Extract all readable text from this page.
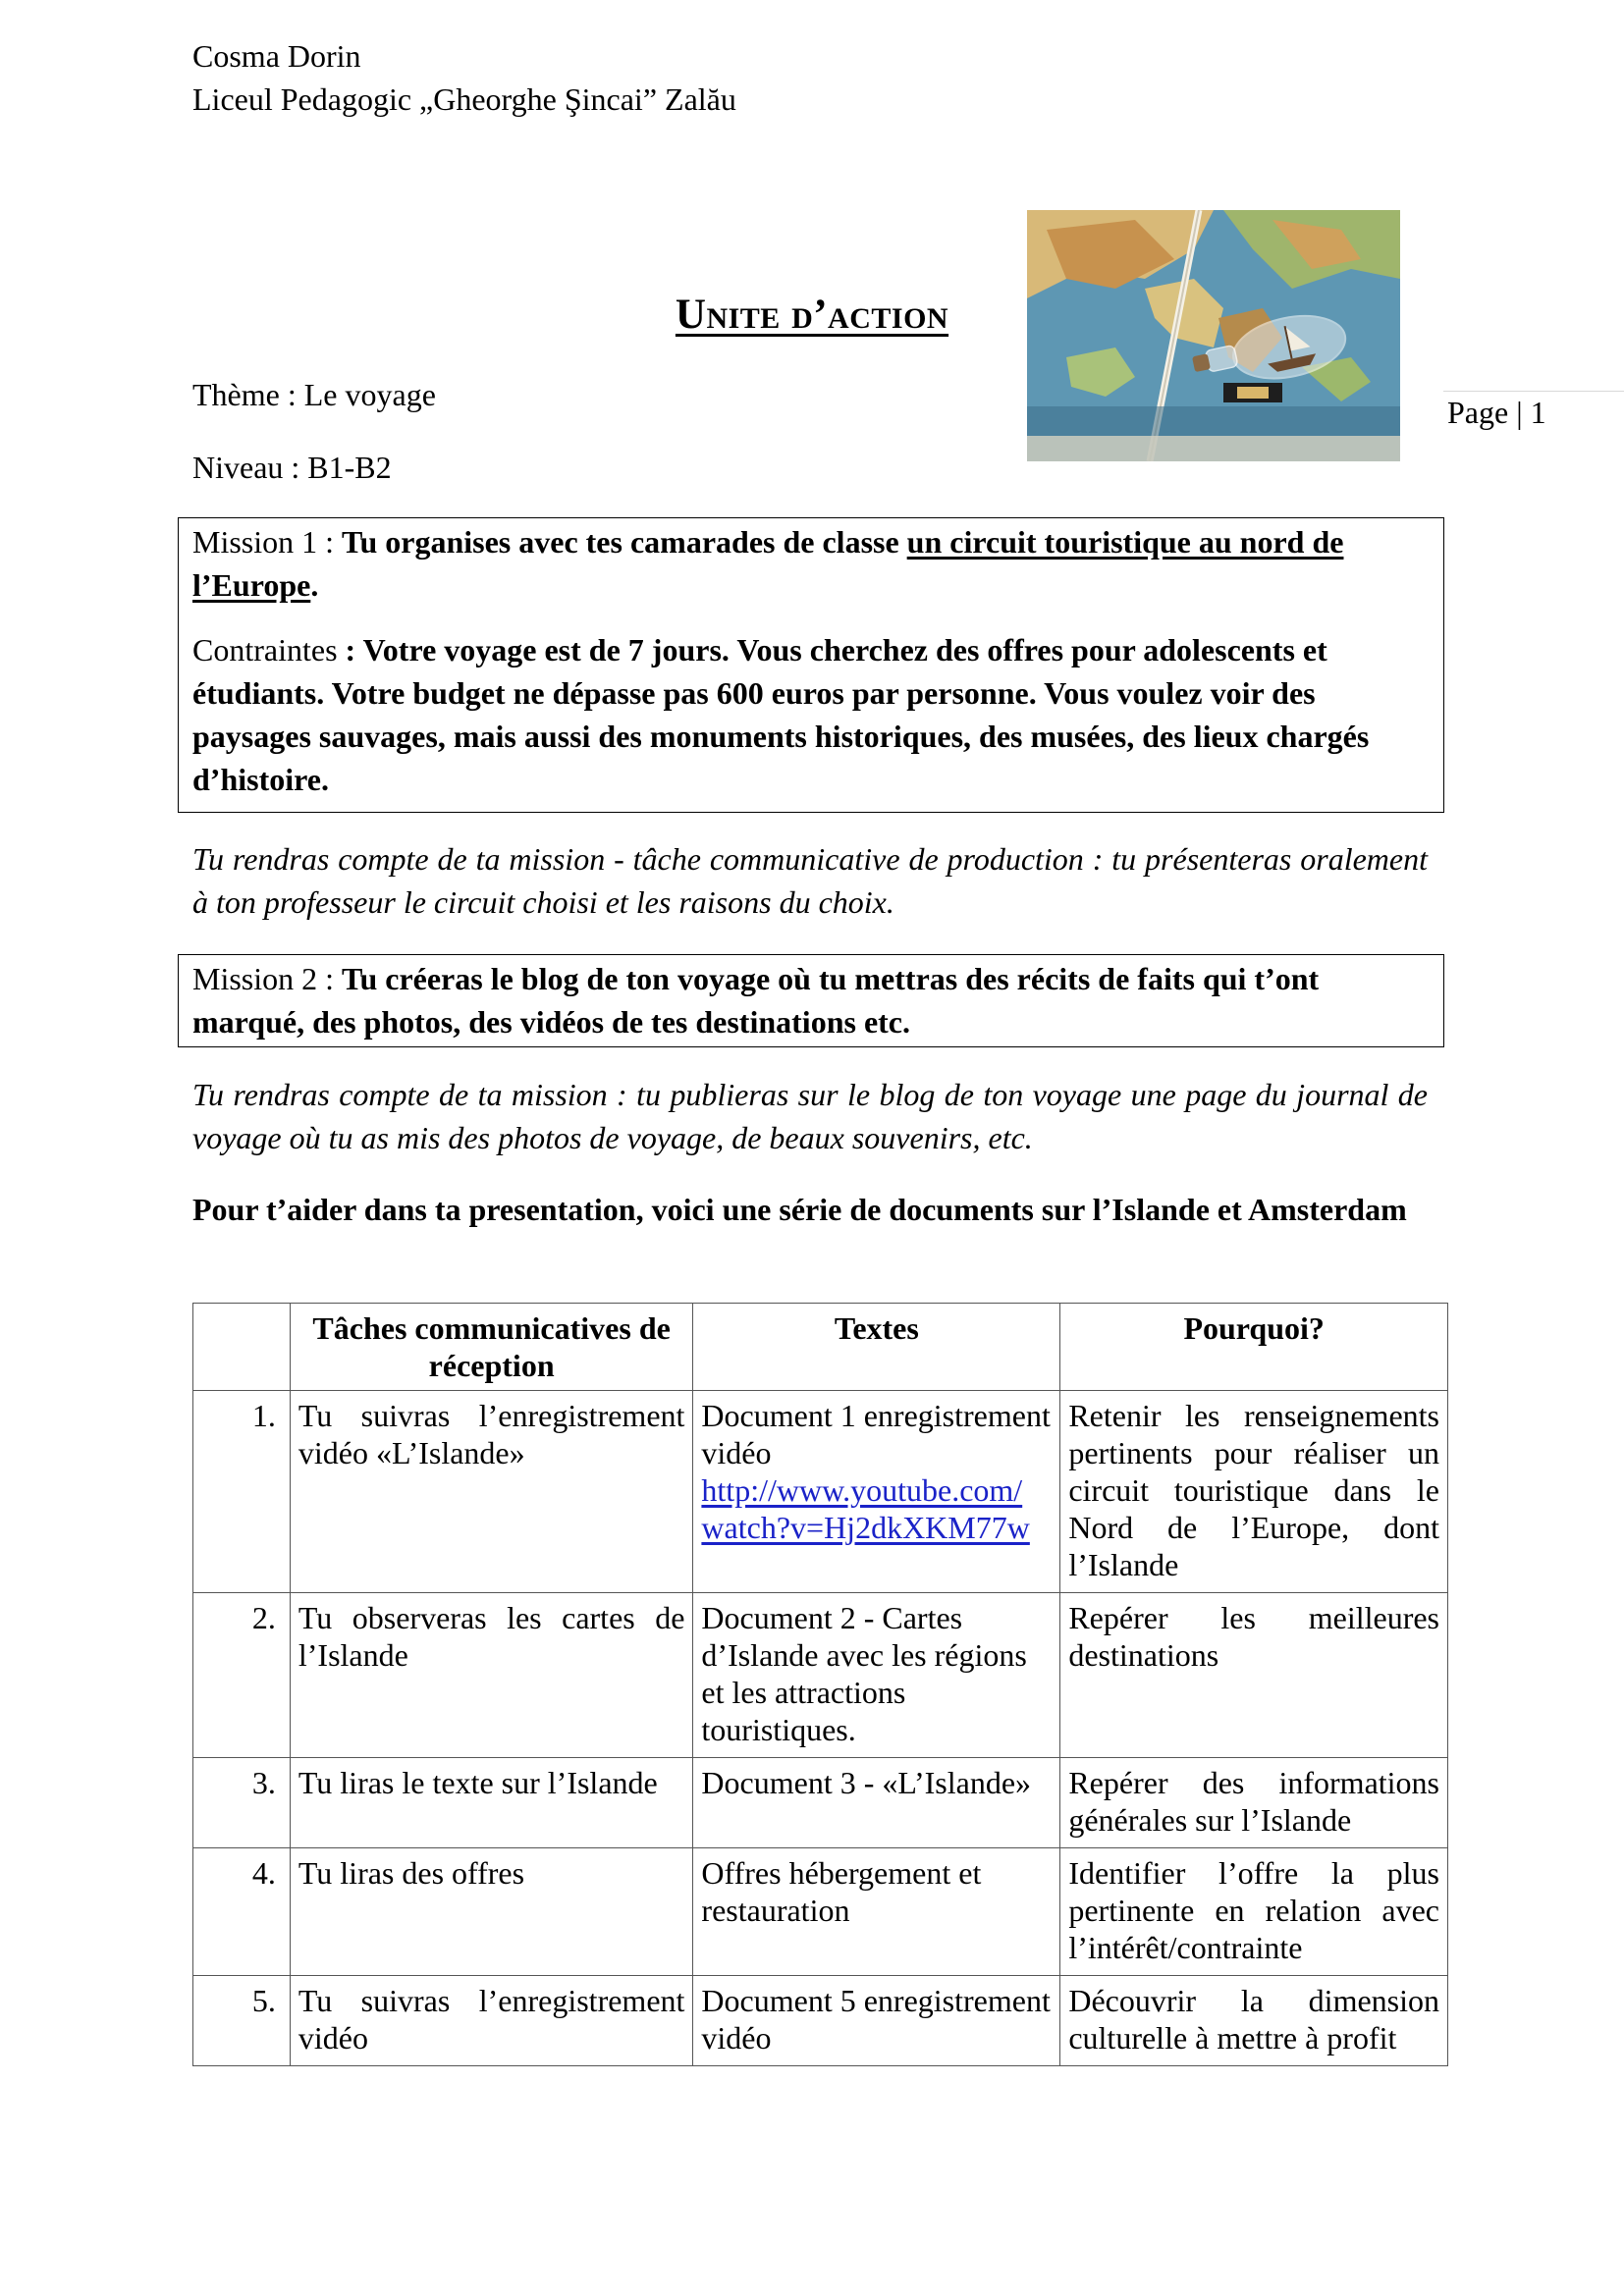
Cosma Dorin
Liceul Pedagogic „Gheorghe Şincai” Zalău
Page | 1
Unite d’action
Thème : Le voyage
Niveau : B1-B2

Mission 1 : Tu organises avec tes camarades de classe un circuit touristique au nord de l’Europe.

Contraintes : Votre voyage est de 7 jours. Vous cherchez des offres pour adolescents et étudiants. Votre budget ne dépasse pas 600 euros par personne. Vous voulez voir des paysages sauvages, mais aussi des monuments historiques, des musées, des lieux chargés d’histoire.

Tu rendras compte de ta mission - tâche communicative de production : tu présenteras oralement à ton professeur le circuit choisi et les raisons du choix.

Mission 2 : Tu créeras le blog de ton voyage où tu mettras des récits de faits qui t’ont marqué, des photos, des vidéos de tes destinations etc.

Tu rendras compte de ta mission : tu publieras sur le blog de ton voyage une page du journal de voyage où tu as mis des photos de voyage, de beaux souvenirs, etc.
Pour t’aider dans ta presentation, voici une série de documents sur l’Islande et Amsterdam
	Tâches communicatives de réception	Textes	Pourquoi?
1.	Tu suivras l’enregistrement vidéo «L’Islande»	Document 1 enregistrement vidéo
http://www.youtube.com/
watch?v=Hj2dkXKM77w	Retenir les renseignements pertinents pour réaliser un circuit touristique dans le Nord de l’Europe, dont l’Islande
2.	Tu observeras les cartes de l’Islande	Document 2 - Cartes d’Islande avec les régions et les attractions touristiques.	Repérer les meilleures destinations
3.	Tu liras le texte sur l’Islande	Document 3 - «L’Islande»	Repérer des informations générales sur l’Islande
4.	Tu liras des offres	Offres hébergement et restauration	Identifier l’offre la plus pertinente en relation avec l’intérêt/contrainte
5.	Tu suivras l’enregistrement vidéo	Document 5 enregistrement vidéo	Découvrir la dimension culturelle à mettre à profit
